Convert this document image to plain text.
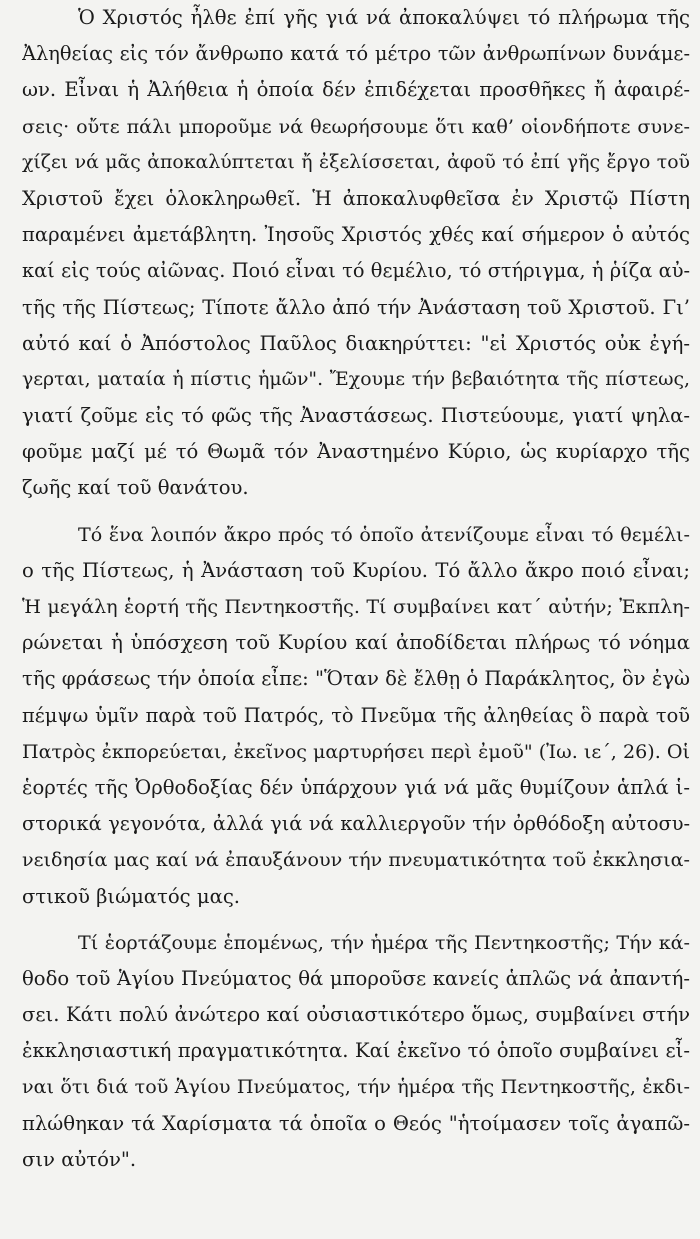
Ὁ Χριστός ἦλθε ἐπί γῆς γιά νά ἀποκαλύψει τό πλήρωμα τῆς
Ἀληθείας εἰς τόν ἄνθρωπο κατά τό μέτρο τῶν ἀνθρωπίνων δυνάμε-
ων. Εἶναι ἡ Ἀλήθεια ἡ ὁποία δέν ἐπιδέχεται προσθῆκες ἤ ἀφαιρέ-
σεις· οὔτε πάλι μποροῦμε νά θεωρήσουμε ὅτι καθ’ οἱονδήποτε συνε-
χίζει νά μᾶς ἀποκαλύπτεται ἤ ἐξελίσσεται, ἀφοῦ τό ἐπί γῆς ἔργο τοῦ
Χριστοῦ ἔχει ὁλοκληρωθεῖ. Ἡ ἀποκαλυφθεῖσα ἐν Χριστῷ Πίστη
παραμένει ἀμετάβλητη. Ἰησοῦς Χριστός χθές καί σήμερον ὁ αὐτός
καί εἰς τούς αἰῶνας. Ποιό εἶναι τό θεμέλιο, τό στήριγμα, ἡ ῥίζα αὐ-
τῆς τῆς Πίστεως; Τίποτε ἄλλο ἀπό τήν Ἀνάσταση τοῦ Χριστοῦ. Γι’
αὐτό καί ὁ Ἀπόστολος Παῦλος διακηρύττει: "εἰ Χριστός οὐκ ἐγή-
γερται, ματαία ἡ πίστις ἡμῶν". Ἔχουμε τήν βεβαιότητα τῆς πίστεως,
γιατί ζοῦμε εἰς τό φῶς τῆς Ἀναστάσεως. Πιστεύουμε, γιατί ψηλα-
φοῦμε μαζί μέ τό Θωμᾶ τόν Ἀναστημένο Κύριο, ὡς κυρίαρχο τῆς
ζωῆς καί τοῦ θανάτου.
Τό ἕνα λοιπόν ἄκρο πρός τό ὁποῖο ἀτενίζουμε εἶναι τό θεμέλι-
ο τῆς Πίστεως, ἡ Ἀνάσταση τοῦ Κυρίου. Τό ἄλλο ἄκρο ποιό εἶναι;
Ἡ μεγάλη ἑορτή τῆς Πεντηκοστῆς. Τί συμβαίνει κατ΄ αὐτήν; Ἐκπλη-
ρώνεται ἡ ὑπόσχεση τοῦ Κυρίου καί ἀποδίδεται πλήρως τό νόημα
τῆς φράσεως τήν ὁποία εἶπε: "Ὅταν δὲ ἔλθῃ ὁ Παράκλητος, ὃν ἐγὼ
πέμψω ὑμῖν παρὰ τοῦ Πατρός, τὸ Πνεῦμα τῆς ἀληθείας ὃ παρὰ τοῦ
Πατρὸς ἐκπορεύεται, ἐκεῖνος μαρτυρήσει περὶ ἐμοῦ" (Ἰω. ιε΄, 26). Οἱ
ἑορτές τῆς Ὀρθοδοξίας δέν ὑπάρχουν γιά νά μᾶς θυμίζουν ἁπλά ἱ-
στορικά γεγονότα, ἀλλά γιά νά καλλιεργοῦν τήν ὀρθόδοξη αὐτοσυ-
νειδησία μας καί νά ἐπαυξάνουν τήν πνευματικότητα τοῦ ἐκκλησια-
στικοῦ βιώματός μας.
Τί ἑορτάζουμε ἑπομένως, τήν ἡμέρα τῆς Πεντηκοστῆς; Τήν κά-
θοδο τοῦ Ἁγίου Πνεύματος θά μποροῦσε κανείς ἁπλῶς νά ἀπαντή-
σει. Κάτι πολύ ἀνώτερο καί οὐσιαστικότερο ὅμως, συμβαίνει στήν
ἐκκλησιαστική πραγματικότητα. Καί ἐκεῖνο τό ὁποῖο συμβαίνει εἶ-
ναι ὅτι διά τοῦ Ἁγίου Πνεύματος, τήν ἡμέρα τῆς Πεντηκοστῆς, ἐκδι-
πλώθηκαν τά Χαρίσματα τά ὁποῖα ο Θεός "ἡτοίμασεν τοῖς ἀγαπῶ-
σιν αὐτόν".
